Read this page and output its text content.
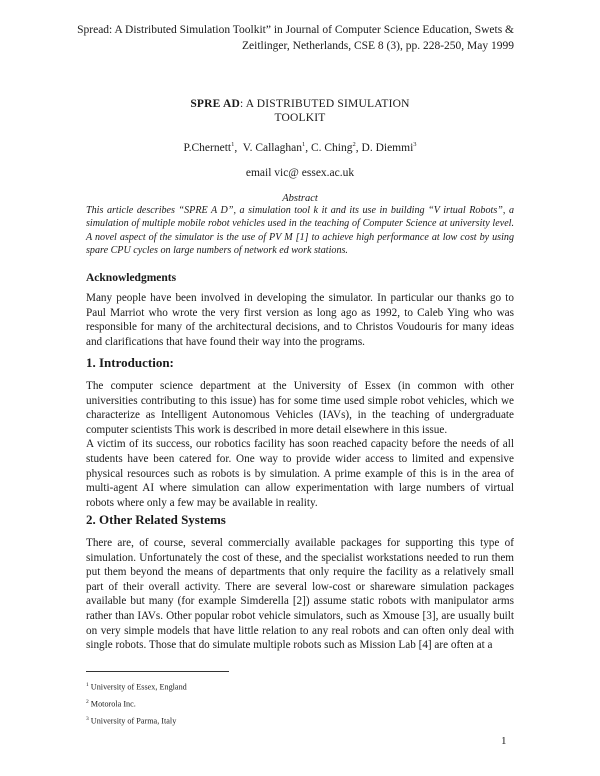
Spread: A Distributed Simulation Toolkit” in Journal of Computer Science Education, Swets & Zeitlinger, Netherlands, CSE 8 (3), pp. 228-250, May 1999
SPRE AD: A DISTRIBUTED SIMULATION
TOOLKIT
P.Chernett$^1$,  V. Callaghan$^1$, C. Ching$^2$, D. Diemmi$^3$
email vic@ essex.ac.uk
Abstract
This article describes “SPRE A D”, a simulation tool k it and its use in building “V irtual Robots”, a simulation of multiple mobile robot vehicles used in the teaching of Computer Science at university level. A novel aspect of the simulator is the use of PV M [1] to achieve high performance at low cost by using spare CPU cycles on large numbers of network ed work stations.
Acknowledgments
Many people have been involved in developing the simulator. In particular our thanks go to Paul Marriot who wrote the very first version as long ago as 1992, to Caleb Ying who was responsible for many of the architectural decisions, and to Christos Voudouris for many ideas and clarifications that have found their way into the programs.
1. Introduction:

The computer science department at the University of Essex (in common with other universities contributing to this issue) has for some time used simple robot vehicles, which we characterize as Intelligent Autonomous Vehicles (IAVs), in the teaching of undergraduate computer scientists This work is described in more detail elsewhere in this issue.

A victim of its success, our robotics facility has soon reached capacity before the needs of all students have been catered for. One way to provide wider access to limited and expensive physical resources such as robots is by simulation. A prime example of this is in the area of multi-agent AI where simulation can allow experimentation with large numbers of virtual robots where only a few may be available in reality.

2. Other Related Systems
There are, of course, several commercially available packages for supporting this type of simulation. Unfortunately the cost of these, and the specialist workstations needed to run them put them beyond the means of departments that only require the facility as a relatively small part of their overall activity. There are several low-cost or shareware simulation packages available but many (for example Simderella [2]) assume static robots with manipulator arms rather than IAVs. Other popular robot vehicle simulators, such as Xmouse [3], are usually built on very simple models that have little relation to any real robots and can often only deal with single robots. Those that do simulate multiple robots such as Mission Lab [4] are often at a
$^1$ University of Essex, England
$^2$ Motorola Inc.
$^3$ University of Parma, Italy
1
